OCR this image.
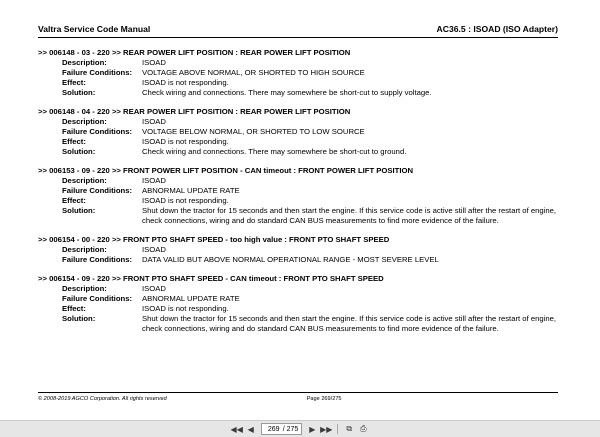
Valtra Service Code Manual	AC36.5 : ISOAD (ISO Adapter)
>> 006148 - 03 - 220 >> REAR POWER LIFT POSITION : REAR POWER LIFT POSITION
Description:	ISOAD
Failure Conditions:	VOLTAGE ABOVE NORMAL, OR SHORTED TO HIGH SOURCE
Effect:	ISOAD is not responding.
Solution:	Check wiring and connections. There may somewhere be short-cut to supply voltage.
>> 006148 - 04 - 220 >> REAR POWER LIFT POSITION : REAR POWER LIFT POSITION
Description:	ISOAD
Failure Conditions:	VOLTAGE BELOW NORMAL, OR SHORTED TO LOW SOURCE
Effect:	ISOAD is not responding.
Solution:	Check wiring and connections. There may somewhere be short-cut to ground.
>> 006153 - 09 - 220 >> FRONT POWER LIFT POSITION - CAN timeout : FRONT POWER LIFT POSITION
Description:	ISOAD
Failure Conditions:	ABNORMAL UPDATE RATE
Effect:	ISOAD is not responding.
Solution:	Shut down the tractor for 15 seconds and then start the engine. If this service code is active still after the restart of engine, check connections, wiring and do standard CAN BUS measurements to find more evidence of the failure.
>> 006154 - 00 - 220 >> FRONT PTO SHAFT SPEED - too high value : FRONT PTO SHAFT SPEED
Description:	ISOAD
Failure Conditions:	DATA VALID BUT ABOVE NORMAL OPERATIONAL RANGE - MOST SEVERE LEVEL
>> 006154 - 09 - 220 >> FRONT PTO SHAFT SPEED - CAN timeout : FRONT PTO SHAFT SPEED
Description:	ISOAD
Failure Conditions:	ABNORMAL UPDATE RATE
Effect:	ISOAD is not responding.
Solution:	Shut down the tractor for 15 seconds and then start the engine. If this service code is active still after the restart of engine, check connections, wiring and do standard CAN BUS measurements to find more evidence of the failure.
© 2008-2019 AGCO Corporation. All rights reserved	Page 269/275
◀◀ ◀
269	/ 275	▶ ▶▶	⧉ ⎙
